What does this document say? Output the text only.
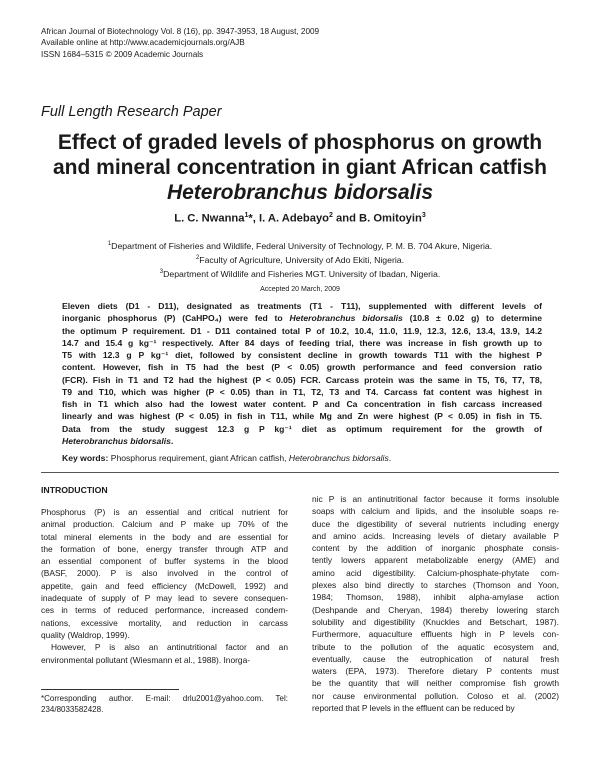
African Journal of Biotechnology Vol. 8 (16), pp. 3947-3953, 18 August, 2009
Available online at http://www.academicjournals.org/AJB
ISSN 1684–5315 © 2009 Academic Journals
Full Length Research Paper
Effect of graded levels of phosphorus on growth
and mineral concentration in giant African catfish
Heterobranchus bidorsalis
L. C. Nwanna$^1$*, I. A. Adebayo$^2$ and B. Omitoyin$^3$
$^1$Department of Fisheries and Wildlife, Federal University of Technology, P. M. B. 704 Akure, Nigeria.
$^2$Faculty of Agriculture, University of Ado Ekiti, Nigeria.
$^3$Department of Wildlife and Fisheries MGT. University of Ibadan, Nigeria.
Accepted 20 March, 2009
Eleven diets (D1 - D11), designated as treatments (T1 - T11), supplemented with different levels of
inorganic phosphorus (P) (CaHPO₄) were fed to Heterobranchus bidorsalis (10.8 ± 0.02 g) to determine
the optimum P requirement. D1 - D11 contained total P of 10.2, 10.4, 11.0, 11.9, 12.3, 12.6, 13.4, 13.9, 14.2
14.7 and 15.4 g kg⁻¹ respectively. After 84 days of feeding trial, there was increase in fish growth up to
T5 with 12.3 g P kg⁻¹ diet, followed by consistent decline in growth towards T11 with the highest P
content. However, fish in T5 had the best (P < 0.05) growth performance and feed conversion ratio
(FCR). Fish in T1 and T2 had the highest (P < 0.05) FCR. Carcass protein was the same in T5, T6, T7, T8,
T9 and T10, which was higher (P < 0.05) than in T1, T2, T3 and T4. Carcass fat content was highest in
fish in T1 which also had the lowest water content. P and Ca concentration in fish carcass increased
linearly and was highest (P < 0.05) in fish in T11, while Mg and Zn were highest (P < 0.05) in fish in T5.
Data from the study suggest 12.3 g P kg⁻¹ diet as optimum requirement for the growth of
Heterobranchus bidorsalis.
Key words: Phosphorus requirement, giant African catfish, Heterobranchus bidorsalis.
INTRODUCTION
Phosphorus (P) is an essential and critical nutrient for
animal production. Calcium and P make up 70% of the
total mineral elements in the body and are essential for
the formation of bone, energy transfer through ATP and
an essential component of buffer systems in the blood
(BASF, 2000). P is also involved in the control of
appetite, gain and feed efficiency (McDowell, 1992) and
inadequate of supply of P may lead to severe consequen-
ces in terms of reduced performance, increased condem-
nations, excessive mortality, and reduction in carcass
quality (Waldrop, 1999).
However, P is also an antinutritional factor and an
environmental pollutant (Wiesmann et al., 1988). Inorga-
*Corresponding author. E-mail: drlu2001@yahoo.com. Tel:
234/8033582428.
nic P is an antinutritional factor because it forms insoluble
soaps with calcium and lipids, and the insoluble soaps re-
duce the digestibility of several nutrients including energy
and amino acids. Increasing levels of dietary available P
content by the addition of inorganic phosphate consis-
tently lowers apparent metabolizable energy (AME) and
amino acid digestibility. Calcium-phosphate-phytate com-
plexes also bind directly to starches (Thomson and Yoon,
1984; Thomson, 1988), inhibit alpha-amylase action
(Deshpande and Cheryan, 1984) thereby lowering starch
solubility and digestibility (Knuckles and Betschart, 1987).
Furthermore, aquaculture effluents high in P levels con-
tribute to the pollution of the aquatic ecosystem and,
eventually, cause the eutrophication of natural fresh
waters (EPA, 1973). Therefore dietary P contents must
be the quantity that will neither compromise fish growth
nor cause environmental pollution. Coloso et al. (2002)
reported that P levels in the effluent can be reduced by
